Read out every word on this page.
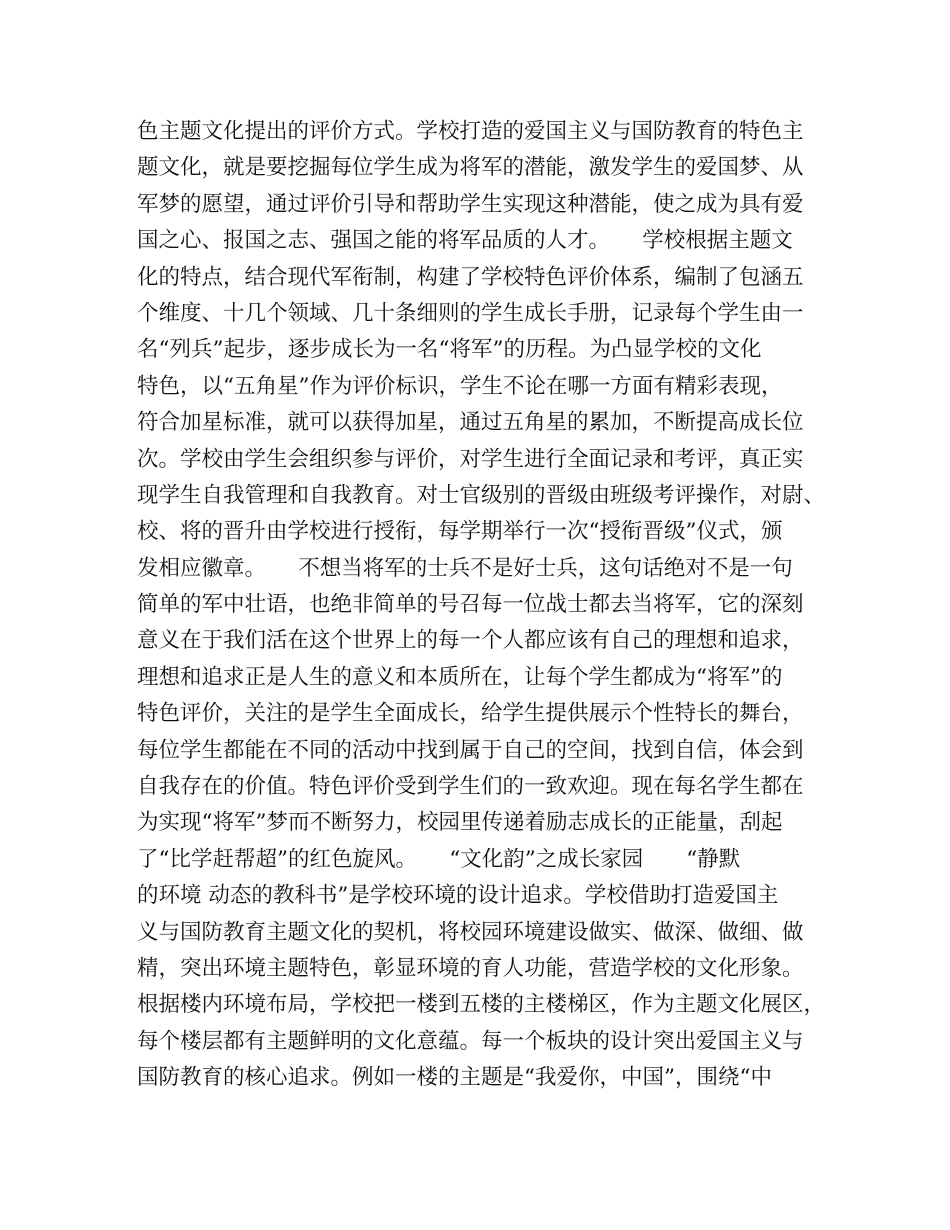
色主题文化提出的评价方式。学校打造的爱国主义与国防教育的特色主
题文化，就是要挖掘每位学生成为将军的潜能，激发学生的爱国梦、从
军梦的愿望，通过评价引导和帮助学生实现这种潜能，使之成为具有爱
国之心、报国之志、强国之能的将军品质的人才。　　学校根据主题文
化的特点，结合现代军衔制，构建了学校特色评价体系，编制了包涵五
个维度、十几个领域、几十条细则的学生成长手册，记录每个学生由一
名“列兵”起步，逐步成长为一名“将军”的历程。为凸显学校的文化
特色，以“五角星”作为评价标识，学生不论在哪一方面有精彩表现，
符合加星标准，就可以获得加星，通过五角星的累加，不断提高成长位
次。学校由学生会组织参与评价，对学生进行全面记录和考评，真正实
现学生自我管理和自我教育。对士官级别的晋级由班级考评操作，对尉、
校、将的晋升由学校进行授衔，每学期举行一次“授衔晋级”仪式，颁
发相应徽章。　　不想当将军的士兵不是好士兵，这句话绝对不是一句
简单的军中壮语，也绝非简单的号召每一位战士都去当将军，它的深刻
意义在于我们活在这个世界上的每一个人都应该有自己的理想和追求，
理想和追求正是人生的意义和本质所在，让每个学生都成为“将军”的
特色评价，关注的是学生全面成长，给学生提供展示个性特长的舞台，
每位学生都能在不同的活动中找到属于自己的空间，找到自信，体会到
自我存在的价值。特色评价受到学生们的一致欢迎。现在每名学生都在
为实现“将军”梦而不断努力，校园里传递着励志成长的正能量，刮起
了“比学赶帮超”的红色旋风。　　“文化韵”之成长家园　　“静默
的环境 动态的教科书”是学校环境的设计追求。学校借助打造爱国主
义与国防教育主题文化的契机，将校园环境建设做实、做深、做细、做
精，突出环境主题特色，彰显环境的育人功能，营造学校的文化形象。
根据楼内环境布局，学校把一楼到五楼的主楼梯区，作为主题文化展区，
每个楼层都有主题鲜明的文化意蕴。每一个板块的设计突出爱国主义与
国防教育的核心追求。例如一楼的主题是“我爱你，中国”，围绕“中
